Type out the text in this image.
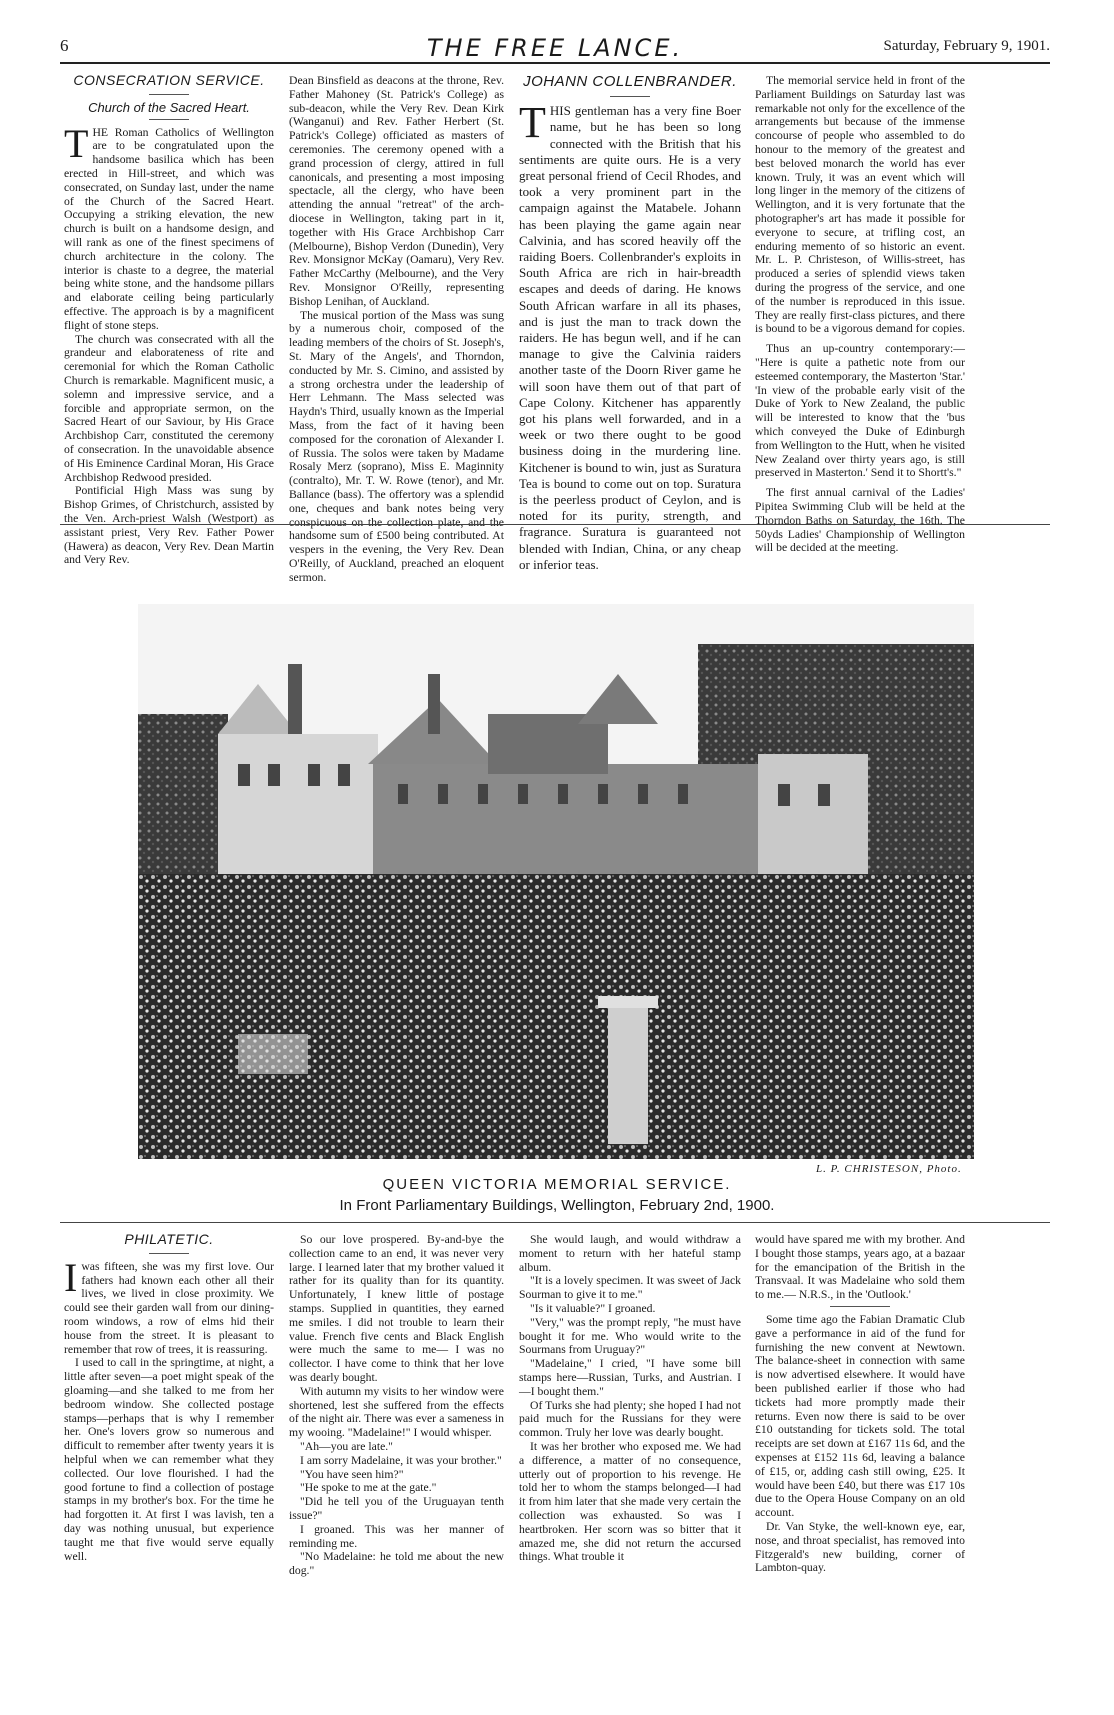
6	THE FREE LANCE.	Saturday, February 9, 1901.
CONSECRATION SERVICE.
Church of the Sacred Heart.

THE Roman Catholics of Wellington are to be congratulated upon the handsome basilica which has been erected in Hill-street, and which was consecrated, on Sunday last, under the name of the Church of the Sacred Heart. Occupying a striking elevation, the new church is built on a handsome design, and will rank as one of the finest specimens of church architecture in the colony. The interior is chaste to a degree, the material being white stone, and the handsome pillars and elaborate ceiling being particularly effective. The approach is by a magnificent flight of stone steps.

The church was consecrated with all the grandeur and elaborateness of rite and ceremonial for which the Roman Catholic Church is remarkable. Magnificent music, a solemn and impressive service, and a forcible and appropriate sermon, on the Sacred Heart of our Saviour, by His Grace Archbishop Carr, constituted the ceremony of consecration. In the unavoidable absence of His Eminence Cardinal Moran, His Grace Archbishop Redwood presided.

Pontificial High Mass was sung by Bishop Grimes, of Christchurch, assisted by the Ven. Arch-priest Walsh (Westport) as assistant priest, Very Rev. Father Power (Hawera) as deacon, Very Rev. Dean Martin and Very Rev.

Dean Binsfield as deacons at the throne, Rev. Father Mahoney (St. Patrick's College) as sub-deacon, while the Very Rev. Dean Kirk (Wanganui) and Rev. Father Herbert (St. Patrick's College) officiated as masters of ceremonies. The ceremony opened with a grand procession of clergy, attired in full canonicals, and presenting a most imposing spectacle, all the clergy, who have been attending the annual "retreat" of the arch-diocese in Wellington, taking part in it, together with His Grace Archbishop Carr (Melbourne), Bishop Verdon (Dunedin), Very Rev. Monsignor McKay (Oamaru), Very Rev. Father McCarthy (Melbourne), and the Very Rev. Monsignor O'Reilly, representing Bishop Lenihan, of Auckland.

The musical portion of the Mass was sung by a numerous choir, composed of the leading members of the choirs of St. Joseph's, St. Mary of the Angels', and Thorndon, conducted by Mr. S. Cimino, and assisted by a strong orchestra under the leadership of Herr Lehmann. The Mass selected was Haydn's Third, usually known as the Imperial Mass, from the fact of it having been composed for the coronation of Alexander I. of Russia. The solos were taken by Madame Rosaly Merz (soprano), Miss E. Maginnity (contralto), Mr. T. W. Rowe (tenor), and Mr. Ballance (bass). The offertory was a splendid one, cheques and bank notes being very conspicuous on the collection plate, and the handsome sum of £500 being contributed. At vespers in the evening, the Very Rev. Dean O'Reilly, of Auckland, preached an eloquent sermon.

JOHANN COLLENBRANDER.

THIS gentleman has a very fine Boer name, but he has been so long connected with the British that his sentiments are quite ours. He is a very great personal friend of Cecil Rhodes, and took a very prominent part in the campaign against the Matabele. Johann has been playing the game again near Calvinia, and has scored heavily off the raiding Boers. Collenbrander's exploits in South Africa are rich in hair-breadth escapes and deeds of daring. He knows South African warfare in all its phases, and is just the man to track down the raiders. He has begun well, and if he can manage to give the Calvinia raiders another taste of the Doorn River game he will soon have them out of that part of Cape Colony. Kitchener has apparently got his plans well forwarded, and in a week or two there ought to be good business doing in the murdering line. Kitchener is bound to win, just as Suratura Tea is bound to come out on top. Suratura is the peerless product of Ceylon, and is noted for its purity, strength, and fragrance. Suratura is guaranteed not blended with Indian, China, or any cheap or inferior teas.

The memorial service held in front of the Parliament Buildings on Saturday last was remarkable not only for the excellence of the arrangements but because of the immense concourse of people who assembled to do honour to the memory of the greatest and best beloved monarch the world has ever known. Truly, it was an event which will long linger in the memory of the citizens of Wellington, and it is very fortunate that the photographer's art has made it possible for everyone to secure, at trifling cost, an enduring memento of so historic an event. Mr. L. P. Christeson, of Willis-street, has produced a series of splendid views taken during the progress of the service, and one of the number is reproduced in this issue. They are really first-class pictures, and there is bound to be a vigorous demand for copies.

Thus an up-country contemporary:— "Here is quite a pathetic note from our esteemed contemporary, the Masterton 'Star.' 'In view of the probable early visit of the Duke of York to New Zealand, the public will be interested to know that the 'bus which conveyed the Duke of Edinburgh from Wellington to the Hutt, when he visited New Zealand over thirty years ago, is still preserved in Masterton.' Send it to Shortt's."

The first annual carnival of the Ladies' Pipitea Swimming Club will be held at the Thorndon Baths on Saturday, the 16th. The 50yds Ladies' Championship of Wellington will be decided at the meeting.

L. P. CHRISTESON, Photo.
QUEEN VICTORIA MEMORIAL SERVICE.
In Front Parliamentary Buildings, Wellington, February 2nd, 1900.
PHILATETIC.

Iwas fifteen, she was my first love. Our fathers had known each other all their lives, we lived in close proximity. We could see their garden wall from our dining-room windows, a row of elms hid their house from the street. It is pleasant to remember that row of trees, it is reassuring.

I used to call in the springtime, at night, a little after seven—a poet might speak of the gloaming—and she talked to me from her bedroom window. She collected postage stamps—perhaps that is why I remember her. One's lovers grow so numerous and difficult to remember after twenty years it is helpful when we can remember what they collected. Our love flourished. I had the good fortune to find a collection of postage stamps in my brother's box. For the time he had forgotten it. At first I was lavish, ten a day was nothing unusual, but experience taught me that five would serve equally well.

So our love prospered. By-and-bye the collection came to an end, it was never very large. I learned later that my brother valued it rather for its quality than for its quantity. Unfortunately, I knew little of postage stamps. Supplied in quantities, they earned me smiles. I did not trouble to learn their value. French five cents and Black English were much the same to me— I was no collector. I have come to think that her love was dearly bought.

With autumn my visits to her window were shortened, lest she suffered from the effects of the night air. There was ever a sameness in my wooing. "Madelaine!" I would whisper.

"Ah—you are late."

I am sorry Madelaine, it was your brother."

"You have seen him?"

"He spoke to me at the gate."

"Did he tell you of the Uruguayan tenth issue?"

I groaned. This was her manner of reminding me.

"No Madelaine: he told me about the new dog."

She would laugh, and would withdraw a moment to return with her hateful stamp album.

"It is a lovely specimen. It was sweet of Jack Sourman to give it to me."

"Is it valuable?" I groaned.

"Very," was the prompt reply, "he must have bought it for me. Who would write to the Sourmans from Uruguay?"

"Madelaine," I cried, "I have some bill stamps here—Russian, Turks, and Austrian. I—I bought them."

Of Turks she had plenty; she hoped I had not paid much for the Russians for they were common. Truly her love was dearly bought.

It was her brother who exposed me. We had a difference, a matter of no consequence, utterly out of proportion to his revenge. He told her to whom the stamps belonged—I had it from him later that she made very certain the collection was exhausted. So was I heartbroken. Her scorn was so bitter that it amazed me, she did not return the accursed things. What trouble it

would have spared me with my brother. And I bought those stamps, years ago, at a bazaar for the emancipation of the British in the Transvaal. It was Madelaine who sold them to me.— N.R.S., in the 'Outlook.'

Some time ago the Fabian Dramatic Club gave a performance in aid of the fund for furnishing the new convent at Newtown. The balance-sheet in connection with same is now advertised elsewhere. It would have been published earlier if those who had tickets had more promptly made their returns. Even now there is said to be over £10 outstanding for tickets sold. The total receipts are set down at £167 11s 6d, and the expenses at £152 11s 6d, leaving a balance of £15, or, adding cash still owing, £25. It would have been £40, but there was £17 10s due to the Opera House Company on an old account.

Dr. Van Styke, the well-known eye, ear, nose, and throat specialist, has removed into Fitzgerald's new building, corner of Lambton-quay.
